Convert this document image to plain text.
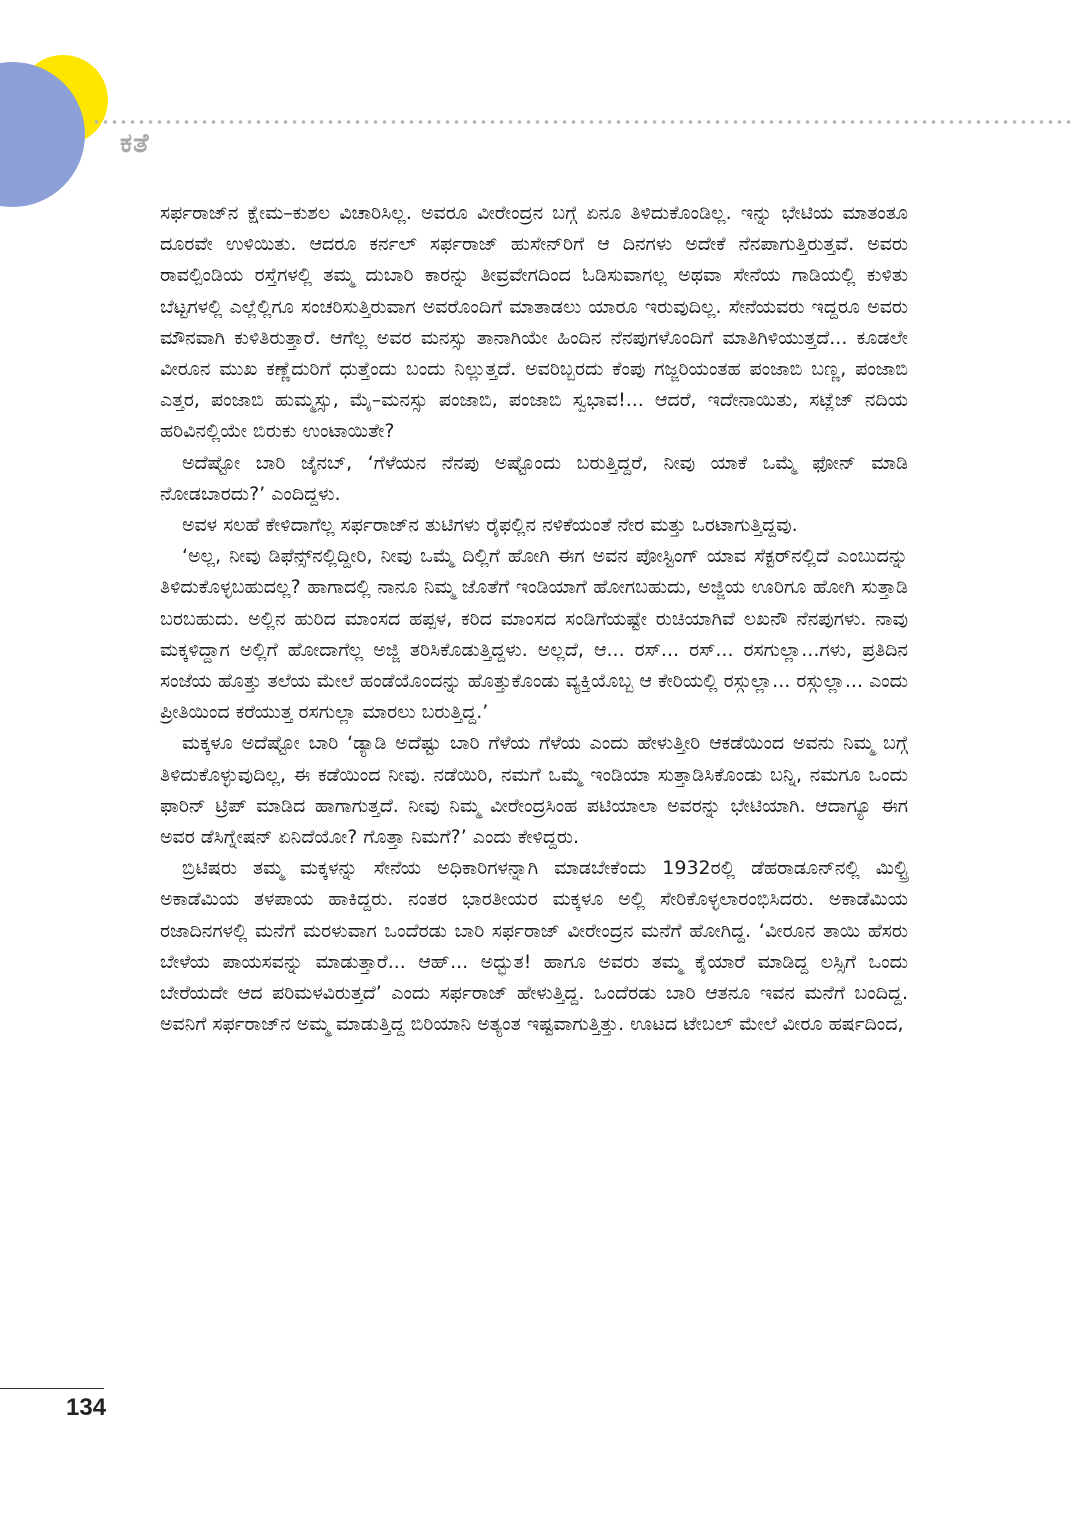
ಕತೆ

ಸರ್ಫರಾಜ್‌ನ ಕ್ಷೇಮ–ಕುಶಲ ವಿಚಾರಿಸಿಲ್ಲ. ಅವರೂ ವೀರೇಂದ್ರನ ಬಗ್ಗೆ ಏನೂ ತಿಳಿದುಕೊಂಡಿಲ್ಲ. ಇನ್ನು ಭೇಟಿಯ ಮಾತಂತೂ ದೂರವೇ ಉಳಿಯಿತು. ಆದರೂ ಕರ್ನಲ್ ಸರ್ಫರಾಜ್ ಹುಸೇನ್‌ರಿಗೆ ಆ ದಿನಗಳು ಅದೇಕೆ ನೆನಪಾಗುತ್ತಿರುತ್ತವೆ. ಅವರು ರಾವಲ್ಪಿಂಡಿಯ ರಸ್ತೆಗಳಲ್ಲಿ ತಮ್ಮ ದುಬಾರಿ ಕಾರನ್ನು ತೀವ್ರವೇಗದಿಂದ ಓಡಿಸುವಾಗಲ್ಲ ಅಥವಾ ಸೇನೆಯ ಗಾಡಿಯಲ್ಲಿ ಕುಳಿತು ಬೆಟ್ಟಗಳಲ್ಲಿ ಎಲ್ಲೆಲ್ಲಿಗೂ ಸಂಚರಿಸುತ್ತಿರುವಾಗ ಅವರೊಂದಿಗೆ ಮಾತಾಡಲು ಯಾರೂ ಇರುವುದಿಲ್ಲ. ಸೇನೆಯವರು ಇದ್ದರೂ ಅವರು ಮೌನವಾಗಿ ಕುಳಿತಿರುತ್ತಾರೆ. ಆಗೆಲ್ಲ ಅವರ ಮನಸ್ಸು ತಾನಾಗಿಯೇ ಹಿಂದಿನ ನೆನಪುಗಳೊಂದಿಗೆ ಮಾತಿಗಿಳಿಯುತ್ತದೆ... ಕೂಡಲೇ ವೀರೂನ ಮುಖ ಕಣ್ಣೆದುರಿಗೆ ಧುತ್ತೆಂದು ಬಂದು ನಿಲ್ಲುತ್ತದೆ. ಅವರಿಬ್ಬರದು ಕೆಂಪು ಗಜ್ಜರಿಯಂತಹ ಪಂಜಾಬಿ ಬಣ್ಣ, ಪಂಜಾಬಿ ಎತ್ತರ, ಪಂಜಾಬಿ ಹುಮ್ಮಸ್ಸು, ಮೈ–ಮನಸ್ಸು ಪಂಜಾಬಿ, ಪಂಜಾಬಿ ಸ್ವಭಾವ!... ಆದರೆ, ಇದೇನಾಯಿತು, ಸಟ್ಲೆಜ್ ನದಿಯ ಹರಿವಿನಲ್ಲಿಯೇ ಬಿರುಕು ಉಂಟಾಯಿತೇ?

ಅದೆಷ್ಟೋ ಬಾರಿ ಜೈನಬ್, ‘ಗೆಳೆಯನ ನೆನಪು ಅಷ್ಟೊಂದು ಬರುತ್ತಿದ್ದರೆ, ನೀವು ಯಾಕೆ ಒಮ್ಮೆ ಫೋನ್ ಮಾಡಿ ನೋಡಬಾರದು?’ ಎಂದಿದ್ದಳು.

ಅವಳ ಸಲಹೆ ಕೇಳಿದಾಗೆಲ್ಲ ಸರ್ಫರಾಜ್‌ನ ತುಟಿಗಳು ರೈಫಲ್ಲಿನ ನಳಿಕೆಯಂತೆ ನೇರ ಮತ್ತು ಒರಟಾಗುತ್ತಿದ್ದವು.

‘ಅಲ್ಲ, ನೀವು ಡಿಫೆನ್ಸ್‌ನಲ್ಲಿದ್ದೀರಿ, ನೀವು ಒಮ್ಮೆ ದಿಲ್ಲಿಗೆ ಹೋಗಿ ಈಗ ಅವನ ಪೋಸ್ಟಿಂಗ್ ಯಾವ ಸೆಕ್ಟರ್‌ನಲ್ಲಿದೆ ಎಂಬುದನ್ನು ತಿಳಿದುಕೊಳ್ಳಬಹುದಲ್ಲ? ಹಾಗಾದಲ್ಲಿ ನಾನೂ ನಿಮ್ಮ ಜೊತೆಗೆ ಇಂಡಿಯಾಗೆ ಹೋಗಬಹುದು, ಅಜ್ಜಿಯ ಊರಿಗೂ ಹೋಗಿ ಸುತ್ತಾಡಿ ಬರಬಹುದು. ಅಲ್ಲಿನ ಹುರಿದ ಮಾಂಸದ ಹಪ್ಪಳ, ಕರಿದ ಮಾಂಸದ ಸಂಡಿಗೆಯಷ್ಟೇ ರುಚಿಯಾಗಿವೆ ಲಖನೌ ನೆನಪುಗಳು. ನಾವು ಮಕ್ಕಳಿದ್ದಾಗ ಅಲ್ಲಿಗೆ ಹೋದಾಗೆಲ್ಲ ಅಜ್ಜಿ ತರಿಸಿಕೊಡುತ್ತಿದ್ದಳು. ಅಲ್ಲದೆ, ಆ... ರಸ್... ರಸ್... ರಸಗುಲ್ಲಾ...ಗಳು, ಪ್ರತಿದಿನ ಸಂಜೆಯ ಹೊತ್ತು ತಲೆಯ ಮೇಲೆ ಹಂಡೆಯೊಂದನ್ನು ಹೊತ್ತುಕೊಂಡು ವ್ಯಕ್ತಿಯೊಬ್ಬ ಆ ಕೇರಿಯಲ್ಲಿ ರಸ್ಗುಲ್ಲಾ... ರಸ್ಗುಲ್ಲಾ... ಎಂದು ಪ್ರೀತಿಯಿಂದ ಕರೆಯುತ್ತ ರಸಗುಲ್ಲಾ ಮಾರಲು ಬರುತ್ತಿದ್ದ.’

ಮಕ್ಕಳೂ ಅದೆಷ್ಟೋ ಬಾರಿ ‘ಡ್ಯಾಡಿ ಅದೆಷ್ಟು ಬಾರಿ ಗೆಳೆಯ ಗೆಳೆಯ ಎಂದು ಹೇಳುತ್ತೀರಿ ಆಕಡೆಯಿಂದ ಅವನು ನಿಮ್ಮ ಬಗ್ಗೆ ತಿಳಿದುಕೊಳ್ಳುವುದಿಲ್ಲ, ಈ ಕಡೆಯಿಂದ ನೀವು. ನಡೆಯಿರಿ, ನಮಗೆ ಒಮ್ಮೆ ಇಂಡಿಯಾ ಸುತ್ತಾಡಿಸಿಕೊಂಡು ಬನ್ನಿ, ನಮಗೂ ಒಂದು ಫಾರಿನ್ ಟ್ರಿಪ್ ಮಾಡಿದ ಹಾಗಾಗುತ್ತದೆ. ನೀವು ನಿಮ್ಮ ವೀರೇಂದ್ರಸಿಂಹ ಪಟಿಯಾಲಾ ಅವರನ್ನು ಭೇಟಿಯಾಗಿ. ಆದಾಗ್ಯೂ ಈಗ ಅವರ ಡೆಸಿಗ್ನೇಷನ್ ಏನಿದೆಯೋ? ಗೊತ್ತಾ ನಿಮಗೆ?’ ಎಂದು ಕೇಳಿದ್ದರು.

ಬ್ರಿಟಿಷರು ತಮ್ಮ ಮಕ್ಕಳನ್ನು ಸೇನೆಯ ಅಧಿಕಾರಿಗಳನ್ನಾಗಿ ಮಾಡಬೇಕೆಂದು 1932ರಲ್ಲಿ ಡೆಹರಾಡೂನ್‌ನಲ್ಲಿ ಮಿಲ್ಟ್ರಿ ಅಕಾಡೆಮಿಯ ತಳಪಾಯ ಹಾಕಿದ್ದರು. ನಂತರ ಭಾರತೀಯರ ಮಕ್ಕಳೂ ಅಲ್ಲಿ ಸೇರಿಕೊಳ್ಳಲಾರಂಭಿಸಿದರು. ಅಕಾಡೆಮಿಯ ರಜಾದಿನಗಳಲ್ಲಿ ಮನೆಗೆ ಮರಳುವಾಗ ಒಂದೆರಡು ಬಾರಿ ಸರ್ಫರಾಜ್ ವೀರೇಂದ್ರನ ಮನೆಗೆ ಹೋಗಿದ್ದ. ‘ವೀರೂನ ತಾಯಿ ಹೆಸರು ಬೇಳೆಯ ಪಾಯಸವನ್ನು ಮಾಡುತ್ತಾರೆ... ಆಹ್... ಅದ್ಭುತ! ಹಾಗೂ ಅವರು ತಮ್ಮ ಕೈಯಾರೆ ಮಾಡಿದ್ದ ಲಸ್ಸಿಗೆ ಒಂದು ಬೇರೆಯದೇ ಆದ ಪರಿಮಳವಿರುತ್ತದೆ’ ಎಂದು ಸರ್ಫರಾಜ್ ಹೇಳುತ್ತಿದ್ದ. ಒಂದೆರಡು ಬಾರಿ ಆತನೂ ಇವನ ಮನೆಗೆ ಬಂದಿದ್ದ. ಅವನಿಗೆ ಸರ್ಫರಾಜ್‌ನ ಅಮ್ಮ ಮಾಡುತ್ತಿದ್ದ ಬಿರಿಯಾನಿ ಅತ್ಯಂತ ಇಷ್ಟವಾಗುತ್ತಿತ್ತು. ಊಟದ ಟೇಬಲ್ ಮೇಲೆ ವೀರೂ ಹರ್ಷದಿಂದ,

134
